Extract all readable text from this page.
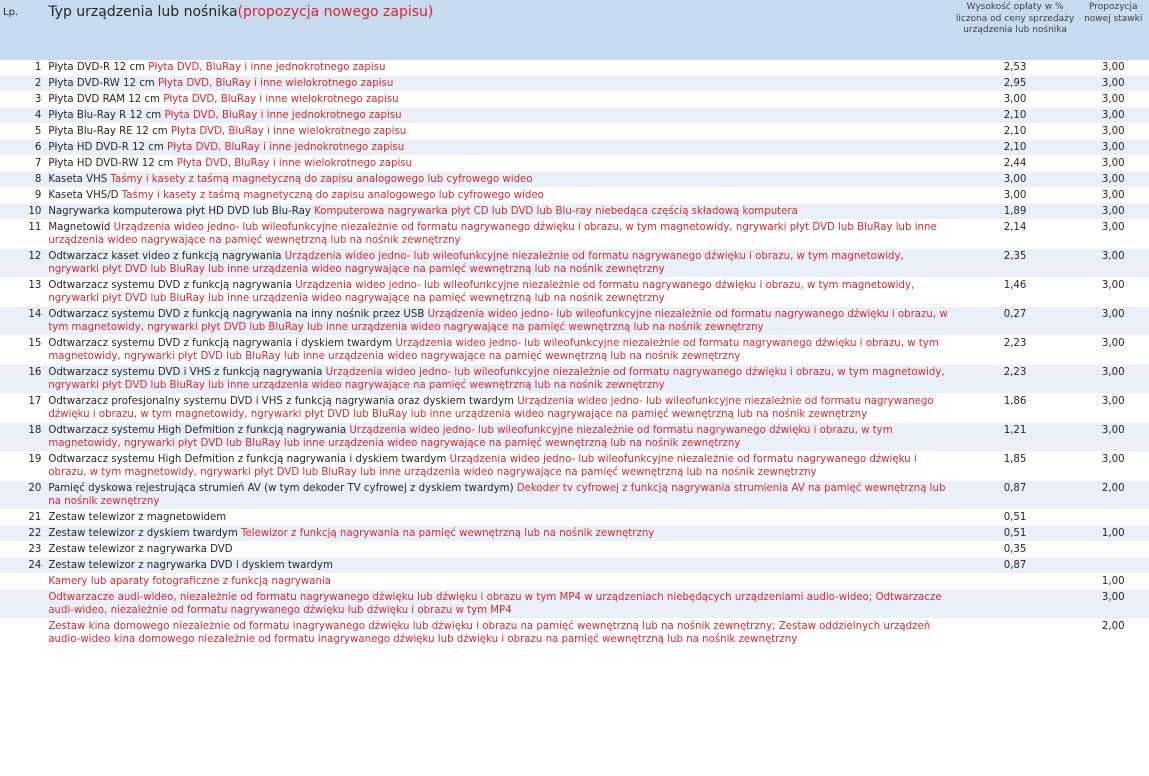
Lp.	Typ urządzenia lub nośnika(propozycja nowego zapisu)	Wysokość opłaty w % liczona od ceny sprzedaży urządzenia lub nośnika	Propozycja nowej stawki
1	Płyta DVD-R 12 cm Płyta DVD, BluRay i inne jednokrotnego zapisu	2,53	3,00
2	Płyta DVD-RW 12 cm Płyta DVD, BluRay i inne wielokrotnego zapisu	2,95	3,00
3	Płyta DVD RAM 12 cm Płyta DVD, BluRay i inne wielokrotnego zapisu	3,00	3,00
4	Płyta Blu-Ray R 12 cm Płyta DVD, BluRay i inne jednokrotnego zapisu	2,10	3,00
5	Płyta Blu-Ray RE 12 cm Płyta DVD, BluRay i inne wielokrotnego zapisu	2,10	3,00
6	Płyta HD DVD-R 12 cm Płyta DVD, BluRay i inne jednokrotnego zapisu	2,10	3,00
7	Płyta HD DVD-RW 12 cm Płyta DVD, BluRay i inne wielokrotnego zapisu	2,44	3,00
8	Kaseta VHS Taśmy i kasety z taśmą magnetyczną do zapisu analogowego lub cyfrowego wideo	3,00	3,00
9	Kaseta VHS/D Taśmy i kasety z taśmą magnetyczną do zapisu analogowego lub cyfrowego wideo	3,00	3,00
10	Nagrywarka komputerowa płyt HD DVD lub Blu-Ray Komputerowa nagrywarka płyt CD lub DVD lub Blu-ray niebedąca częścią składową komputera	1,89	3,00
11	Magnetowid Urządzenia wideo jedno- lub wileofunkcyjne niezależnie od formatu nagrywanego dźwięku i obrazu, w tym magnetowidy, ngrywarki płyt DVD lub BluRay lub inne urządzenia wideo nagrywające na pamięć wewnętrzną lub na nośnik zewnętrzny	2,14	3,00
12	Odtwarzacz kaset video z funkcją nagrywania Urządzenia wideo jedno- lub wileofunkcyjne niezależnie od formatu nagrywanego dźwięku i obrazu, w tym magnetowidy, ngrywarki płyt DVD lub BluRay lub inne urządzenia wideo nagrywające na pamięć wewnętrzną lub na nośnik zewnętrzny	2,35	3,00
13	Odtwarzacz systemu DVD z funkcją nagrywania Urządzenia wideo jedno- lub wileofunkcyjne niezależnie od formatu nagrywanego dźwięku i obrazu, w tym magnetowidy, ngrywarki płyt DVD lub BluRay lub inne urządzenia wideo nagrywające na pamięć wewnętrzną lub na nośnik zewnętrzny	1,46	3,00
14	Odtwarzacz systemu DVD z funkcją nagrywania na inny nośnik przez USB Urządzenia wideo jedno- lub wileofunkcyjne niezależnie od formatu nagrywanego dźwięku i obrazu, w tym magnetowidy, ngrywarki płyt DVD lub BluRay lub inne urządzenia wideo nagrywające na pamięć wewnętrzną lub na nośnik zewnętrzny	0,27	3,00
15	Odtwarzacz systemu DVD z funkcją nagrywania i dyskiem twardym Urządzenia wideo jedno- lub wileofunkcyjne niezależnie od formatu nagrywanego dźwięku i obrazu, w tym magnetowidy, ngrywarki płyt DVD lub BluRay lub inne urządzenia wideo nagrywające na pamięć wewnętrzną lub na nośnik zewnętrzny	2,23	3,00
16	Odtwarzacz systemu DVD i VHS z funkcją nagrywania Urządzenia wideo jedno- lub wileofunkcyjne niezależnie od formatu nagrywanego dźwięku i obrazu, w tym magnetowidy, ngrywarki płyt DVD lub BluRay lub inne urządzenia wideo nagrywające na pamięć wewnętrzną lub na nośnik zewnętrzny	2,23	3,00
17	Odtwarzacz profesjonalny systemu DVD i VHS z funkcją nagrywania oraz dyskiem twardym Urządzenia wideo jedno- lub wileofunkcyjne niezależnie od formatu nagrywanego dźwięku i obrazu, w tym magnetowidy, ngrywarki płyt DVD lub BluRay lub inne urządzenia wideo nagrywające na pamięć wewnętrzną lub na nośnik zewnętrzny	1,86	3,00
18	Odtwarzacz systemu High Defmition z funkcją nagrywania Urządzenia wideo jedno- lub wileofunkcyjne niezależnie od formatu nagrywanego dźwięku i obrazu, w tym magnetowidy, ngrywarki płyt DVD lub BluRay lub inne urządzenia wideo nagrywające na pamięć wewnętrzną lub na nośnik zewnętrzny	1,21	3,00
19	Odtwarzacz systemu High Defmition z funkcją nagrywania i dyskiem twardym Urządzenia wideo jedno- lub wileofunkcyjne niezależnie od formatu nagrywanego dźwięku i obrazu, w tym magnetowidy, ngrywarki płyt DVD lub BluRay lub inne urządzenia wideo nagrywające na pamięć wewnętrzną lub na nośnik zewnętrzny	1,85	3,00
20	Pamięć dyskowa rejestrująca strumień AV (w tym dekoder TV cyfrowej z dyskiem twardym) Dekoder tv cyfrowej z funkcją nagrywania strumienia AV na pamięć wewnętrzną lub na nośnik zewnętrzny	0,87	2,00
21	Zestaw telewizor z magnetowidem	0,51	
22	Zestaw telewizor z dyskiem twardym Telewizor z funkcją nagrywania na pamięć wewnętrzną lub na nośnik zewnętrzny	0,51	1,00
23	Zestaw telewizor z nagrywarka DVD	0,35	
24	Zestaw telewizor z nagrywarka DVD i dyskiem twardym	0,87	
	Kamery lub aparaty fotograficzne z funkcją nagrywania		1,00
	Odtwarzacze audi-wideo, niezależnie od formatu nagrywanego dźwięku lub dźwięku i obrazu w tym MP4 w urządzeniach niebędących urządzeniami audio-wideo; Odtwarzacze audi-wideo, niezależnie od formatu nagrywanego dźwięku lub dźwięku i obrazu w tym MP4		3,00
	Zestaw kina domowego niezależnie od formatu inagrywanego dźwięku lub dźwięku i obrazu na pamięć wewnętrzną lub na nośnik zewnętrzny; Zestaw oddzielnych urządzeń audio-wideo kina domowego niezależnie od formatu inagrywanego dźwięku lub dźwięku i obrazu na pamięć wewnętrzną lub na nośnik zewnętrzny		2,00
